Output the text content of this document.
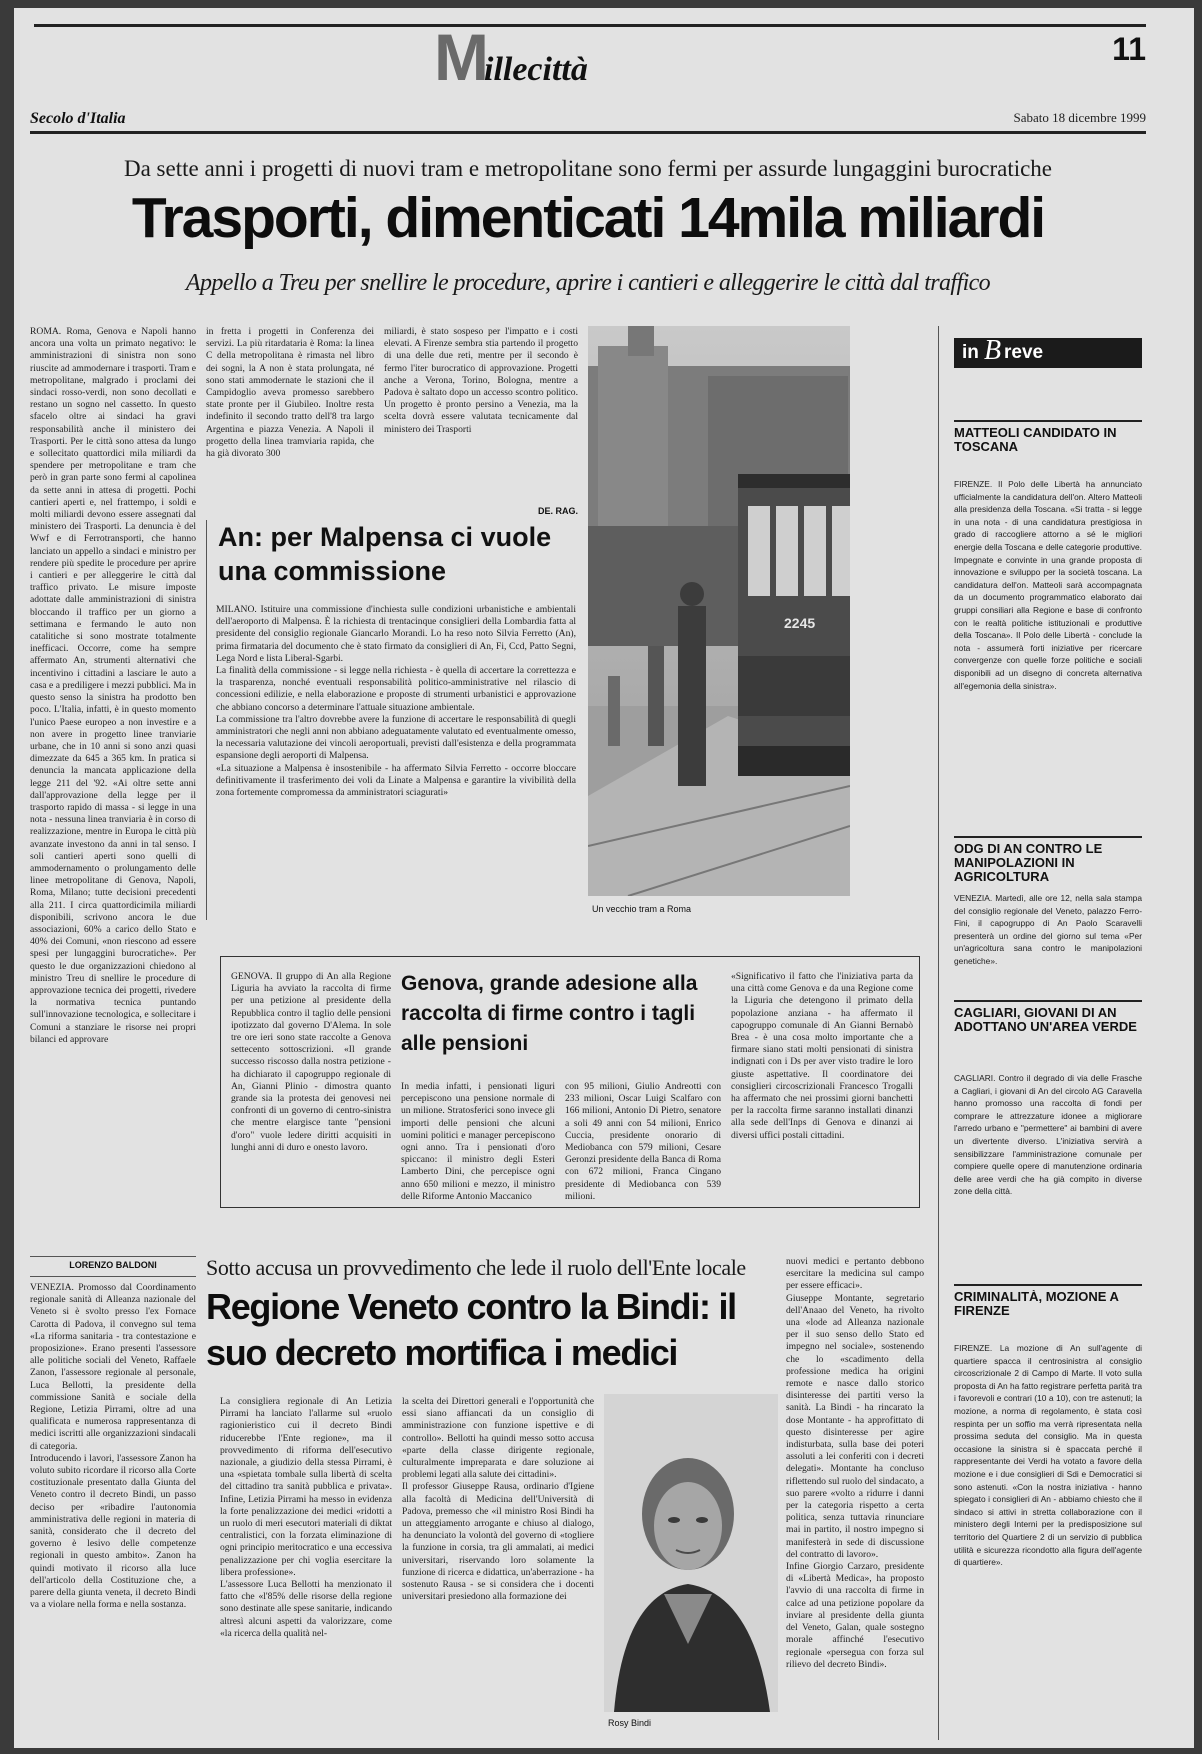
M
illecittà
11
Secolo d'Italia	Sabato 18 dicembre 1999
Da sette anni i progetti di nuovi tram e metropolitane sono fermi per assurde lungaggini burocratiche
Trasporti, dimenticati 14mila miliardi
Appello a Treu per snellire le procedure, aprire i cantieri e alleggerire le città dal traffico
ROMA. Roma, Genova e Napoli hanno ancora una volta un primato negativo: le amministrazioni di sinistra non sono riuscite ad ammodernare i trasporti. Tram e metropolitane, malgrado i proclami dei sindaci rosso-verdi, non sono decollati e restano un sogno nel cassetto. In questo sfacelo oltre ai sindaci ha gravi responsabilità anche il ministero dei Trasporti. Per le città sono attesa da lungo e sollecitato quattordici mila miliardi da spendere per metropolitane e tram che però in gran parte sono fermi al capolinea da sette anni in attesa di progetti. Pochi cantieri aperti e, nel frattempo, i soldi e molti miliardi devono essere assegnati dal ministero dei Trasporti. La denuncia è del Wwf e di Ferrotransporti, che hanno lanciato un appello a sindaci e ministro per rendere più spedite le procedure per aprire i cantieri e per alleggerire le città dal traffico privato. Le misure imposte adottate dalle amministrazioni di sinistra bloccando il traffico per un giorno a settimana e fermando le auto non catalitiche si sono mostrate totalmente inefficaci. Occorre, come ha sempre affermato An, strumenti alternativi che incentivino i cittadini a lasciare le auto a casa e a prediligere i mezzi pubblici. Ma in questo senso la sinistra ha prodotto ben poco. L'Italia, infatti, è in questo momento l'unico Paese europeo a non investire e a non avere in progetto linee tranviarie urbane, che in 10 anni si sono anzi quasi dimezzate da 645 a 365 km. In pratica si denuncia la mancata applicazione della legge 211 del '92. «Ai oltre sette anni dall'approvazione della legge per il trasporto rapido di massa - si legge in una nota - nessuna linea tranviaria è in corso di realizzazione, mentre in Europa le città più avanzate investono da anni in tal senso. I soli cantieri aperti sono quelli di ammodernamento o prolungamento delle linee metropolitane di Genova, Napoli, Roma, Milano; tutte decisioni precedenti alla 211. I circa quattordicimila miliardi disponibili, scrivono ancora le due associazioni, 60% a carico dello Stato e 40% dei Comuni, «non riescono ad essere spesi per lungaggini burocratiche». Per questo le due organizzazioni chiedono al ministro Treu di snellire le procedure di approvazione tecnica dei progetti, rivedere la normativa tecnica puntando sull'innovazione tecnologica, e sollecitare i Comuni a stanziare le risorse nei propri bilanci ed approvare
in fretta i progetti in Conferenza dei servizi. La più ritardataria è Roma: la linea C della metropolitana è rimasta nel libro dei sogni, la A non è stata prolungata, né sono stati ammodernate le stazioni che il Campidoglio aveva promesso sarebbero state pronte per il Giubileo. Inoltre resta indefinito il secondo tratto dell'8 tra largo Argentina e piazza Venezia. A Napoli il progetto della linea tramviaria rapida, che ha già divorato 300
miliardi, è stato sospeso per l'impatto e i costi elevati. A Firenze sembra stia partendo il progetto di una delle due reti, mentre per il secondo è fermo l'iter burocratico di approvazione. Progetti anche a Verona, Torino, Bologna, mentre a Padova è saltato dopo un accesso scontro politico. Un progetto è pronto persino a Venezia, ma la scelta dovrà essere valutata tecnicamente dal ministero dei Trasporti
DE. RAG.
2245
Un vecchio tram a Roma
An: per Malpensa ci vuole una commissione
MILANO. Istituire una commissione d'inchiesta sulle condizioni urbanistiche e ambientali dell'aeroporto di Malpensa. È la richiesta di trentacinque consiglieri della Lombardia fatta al presidente del consiglio regionale Giancarlo Morandi. Lo ha reso noto Silvia Ferretto (An), prima firmataria del documento che è stato firmato da consiglieri di An, Fi, Ccd, Patto Segni, Lega Nord e lista Liberal-Sgarbi.
La finalità della commissione - si legge nella richiesta - è quella di accertare la correttezza e la trasparenza, nonché eventuali responsabilità politico-amministrative nel rilascio di concessioni edilizie, e nella elaborazione e proposte di strumenti urbanistici e approvazione che abbiano concorso a determinare l'attuale situazione ambientale.
La commissione tra l'altro dovrebbe avere la funzione di accertare le responsabilità di quegli amministratori che negli anni non abbiano adeguatamente valutato ed eventualmente omesso, la necessaria valutazione dei vincoli aeroportuali, previsti dall'esistenza e della programmata espansione degli aeroporti di Malpensa.
«La situazione a Malpensa è insostenibile - ha affermato Silvia Ferretto - occorre bloccare definitivamente il trasferimento dei voli da Linate a Malpensa e garantire la vivibilità della zona fortemente compromessa da amministratori sciagurati»
GENOVA. Il gruppo di An alla Regione Liguria ha avviato la raccolta di firme per una petizione al presidente della Repubblica contro il taglio delle pensioni ipotizzato dal governo D'Alema. In sole tre ore ieri sono state raccolte a Genova settecento sottoscrizioni. «Il grande successo riscosso dalla nostra petizione - ha dichiarato il capogruppo regionale di An, Gianni Plinio - dimostra quanto grande sia la protesta dei genovesi nei confronti di un governo di centro-sinistra che mentre elargisce tante "pensioni d'oro" vuole ledere diritti acquisiti in lunghi anni di duro e onesto lavoro.
Genova, grande adesione alla raccolta di firme contro i tagli alle pensioni
In media infatti, i pensionati liguri percepiscono una pensione normale di un milione. Stratosferici sono invece gli importi delle pensioni che alcuni uomini politici e manager percepiscono ogni anno. Tra i pensionati d'oro spiccano: il ministro degli Esteri Lamberto Dini, che percepisce ogni anno 650 milioni e mezzo, il ministro delle Riforme Antonio Maccanico
con 95 milioni, Giulio Andreotti con 233 milioni, Oscar Luigi Scalfaro con 166 milioni, Antonio Di Pietro, senatore a soli 49 anni con 54 milioni, Enrico Cuccia, presidente onorario di Mediobanca con 579 milioni, Cesare Geronzi presidente della Banca di Roma con 672 milioni, Franca Cingano presidente di Mediobanca con 539 milioni.
«Significativo il fatto che l'iniziativa parta da una città come Genova e da una Regione come la Liguria che detengono il primato della popolazione anziana - ha affermato il capogruppo comunale di An Gianni Bernabò Brea - è una cosa molto importante che a firmare siano stati molti pensionati di sinistra indignati con i Ds per aver visto tradire le loro giuste aspettative. Il coordinatore dei consiglieri circoscrizionali Francesco Trogalli ha affermato che nei prossimi giorni banchetti per la raccolta firme saranno installati dinanzi alla sede dell'Inps di Genova e dinanzi ai diversi uffici postali cittadini.
LORENZO BALDONI
VENEZIA. Promosso dal Coordinamento regionale sanità di Alleanza nazionale del Veneto si è svolto presso l'ex Fornace Carotta di Padova, il convegno sul tema «La riforma sanitaria - tra contestazione e proposizione». Erano presenti l'assessore alle politiche sociali del Veneto, Raffaele Zanon, l'assessore regionale al personale, Luca Bellotti, la presidente della commissione Sanità e sociale della Regione, Letizia Pirrami, oltre ad una qualificata e numerosa rappresentanza di medici iscritti alle organizzazioni sindacali di categoria.
Introducendo i lavori, l'assessore Zanon ha voluto subito ricordare il ricorso alla Corte costituzionale presentato dalla Giunta del Veneto contro il decreto Bindi, un passo deciso per «ribadire l'autonomia amministrativa delle regioni in materia di sanità, considerato che il decreto del governo è lesivo delle competenze regionali in questo ambito». Zanon ha quindi motivato il ricorso alla luce dell'articolo della Costituzione che, a parere della giunta veneta, il decreto Bindi va a violare nella forma e nella sostanza.
Sotto accusa un provvedimento che lede il ruolo dell'Ente locale
Regione Veneto contro la Bindi: il suo decreto mortifica i medici
La consigliera regionale di An Letizia Pirrami ha lanciato l'allarme sul «ruolo ragionieristico cui il decreto Bindi riducerebbe l'Ente regione», ma il provvedimento di riforma dell'esecutivo nazionale, a giudizio della stessa Pirrami, è una «spietata tombale sulla libertà di scelta del cittadino tra sanità pubblica e privata». Infine, Letizia Pirrami ha messo in evidenza la forte penalizzazione dei medici «ridotti a un ruolo di meri esecutori materiali di diktat centralistici, con la forzata eliminazione di ogni principio meritocratico e una eccessiva penalizzazione per chi voglia esercitare la libera professione».
L'assessore Luca Bellotti ha menzionato il fatto che «l'85% delle risorse della regione sono destinate alle spese sanitarie, indicando altresì alcuni aspetti da valorizzare, come «la ricerca della qualità nel-
la scelta dei Direttori generali e l'opportunità che essi siano affiancati da un consiglio di amministrazione con funzione ispettive e di controllo». Bellotti ha quindi messo sotto accusa «parte della classe dirigente regionale, culturalmente impreparata e dare soluzione ai problemi legati alla salute dei cittadini».
Il professor Giuseppe Rausa, ordinario d'Igiene alla facoltà di Medicina dell'Università di Padova, premesso che «il ministro Rosi Bindi ha un atteggiamento arrogante e chiuso al dialogo, ha denunciato la volontà del governo di «togliere la funzione in corsia, tra gli ammalati, ai medici universitari, riservando loro solamente la funzione di ricerca e didattica, un'aberrazione - ha sostenuto Rausa - se si considera che i docenti universitari presiedono alla formazione dei
nuovi medici e pertanto debbono esercitare la medicina sul campo per essere efficaci».
Giuseppe Montante, segretario dell'Anaao del Veneto, ha rivolto una «lode ad Alleanza nazionale per il suo senso dello Stato ed impegno nel sociale», sostenendo che lo «scadimento della professione medica ha origini remote e nasce dallo storico disinteresse dei partiti verso la sanità. La Bindi - ha rincarato la dose Montante - ha approfittato di questo disinteresse per agire indisturbata, sulla base dei poteri assoluti a lei conferiti con i decreti delegati». Montante ha concluso riflettendo sul ruolo del sindacato, a suo parere «volto a ridurre i danni per la categoria rispetto a certa politica, senza tuttavia rinunciare mai in partito, il nostro impegno si manifesterà in sede di discussione del contratto di lavoro».
Infine Giorgio Carzaro, presidente di «Libertà Medica», ha proposto l'avvio di una raccolta di firme in calce ad una petizione popolare da inviare al presidente della giunta del Veneto, Galan, quale sostegno morale affinché l'esecutivo regionale «persegua con forza sul rilievo del decreto Bindi».
Rosy Bindi
in B reve
MATTEOLI CANDIDATO IN TOSCANA
FIRENZE. Il Polo delle Libertà ha annunciato ufficialmente la candidatura dell'on. Altero Matteoli alla presidenza della Toscana. «Si tratta - si legge in una nota - di una candidatura prestigiosa in grado di raccogliere attorno a sé le migliori energie della Toscana e delle categorie produttive. Impegnate e convinte in una grande proposta di innovazione e sviluppo per la società toscana. La candidatura dell'on. Matteoli sarà accompagnata da un documento programmatico elaborato dai gruppi consiliari alla Regione e base di confronto con le realtà politiche istituzionali e produttive della Toscana». Il Polo delle Libertà - conclude la nota - assumerà forti iniziative per ricercare convergenze con quelle forze politiche e sociali disponibili ad un disegno di concreta alternativa all'egemonia della sinistra».
ODG DI AN CONTRO LE MANIPOLAZIONI IN AGRICOLTURA
VENEZIA. Martedì, alle ore 12, nella sala stampa del consiglio regionale del Veneto, palazzo Ferro-Fini, il capogruppo di An Paolo Scaravelli presenterà un ordine del giorno sul tema «Per un'agricoltura sana contro le manipolazioni genetiche».
CAGLIARI, GIOVANI DI AN ADOTTANO UN'AREA VERDE
CAGLIARI. Contro il degrado di via delle Frasche a Cagliari, i giovani di An del circolo AG Caravella hanno promosso una raccolta di fondi per comprare le attrezzature idonee a migliorare l'arredo urbano e "permettere" ai bambini di avere un divertente diverso. L'iniziativa servirà a sensibilizzare l'amministrazione comunale per compiere quelle opere di manutenzione ordinaria delle aree verdi che ha già compito in diverse zone della città.
CRIMINALITÀ, MOZIONE A FIRENZE
FIRENZE. La mozione di An sull'agente di quartiere spacca il centrosinistra al consiglio circoscrizionale 2 di Campo di Marte. Il voto sulla proposta di An ha fatto registrare perfetta parità tra i favorevoli e contrari (10 a 10), con tre astenuti; la mozione, a norma di regolamento, è stata così respinta per un soffio ma verrà ripresentata nella prossima seduta del consiglio. Ma in questa occasione la sinistra si è spaccata perché il rappresentante dei Verdi ha votato a favore della mozione e i due consiglieri di Sdi e Democratici si sono astenuti. «Con la nostra iniziativa - hanno spiegato i consiglieri di An - abbiamo chiesto che il sindaco si attivi in stretta collaborazione con il ministero degli Interni per la predisposizione sul territorio del Quartiere 2 di un servizio di pubblica utilità e sicurezza ricondotto alla figura dell'agente di quartiere».
